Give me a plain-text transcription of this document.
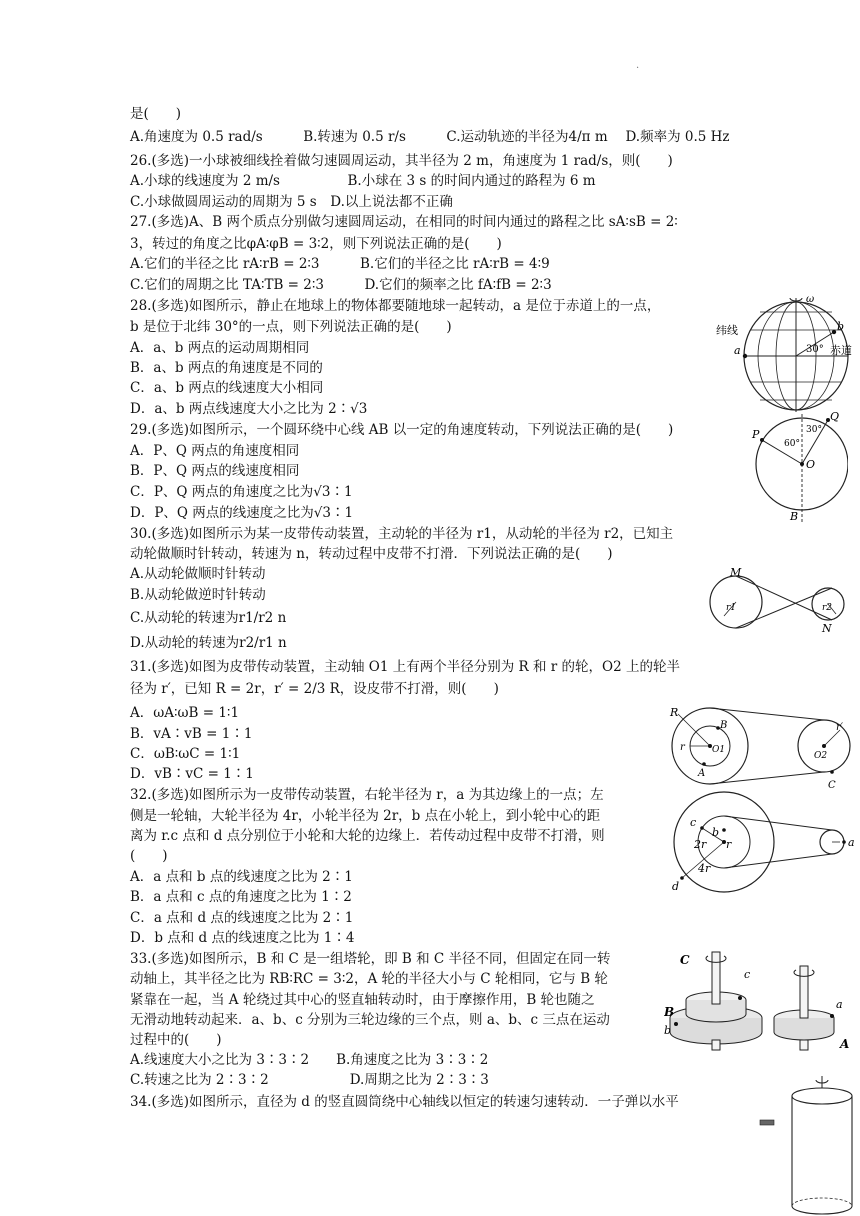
.
是(　　)
A.角速度为 0.5 rad/s　　　B.转速为 0.5 r/s　　　C.运动轨迹的半径为4/π m　 D.频率为 0.5 Hz
26.(多选)一小球被细线拴着做匀速圆周运动，其半径为 2 m，角速度为 1 rad/s，则(　　)
A.小球的线速度为 2 m/s　　　　　B.小球在 3 s 的时间内通过的路程为 6 m
C.小球做圆周运动的周期为 5 s　D.以上说法都不正确
27.(多选)A、B 两个质点分别做匀速圆周运动，在相同的时间内通过的路程之比 sA∶sB = 2∶
3，转过的角度之比φA∶φB = 3∶2，则下列说法正确的是(　　)
A.它们的半径之比 rA∶rB = 2∶3　　　B.它们的半径之比 rA∶rB = 4∶9
C.它们的周期之比 TA∶TB = 2∶3　　　D.它们的频率之比 fA∶fB = 2∶3
28.(多选)如图所示，静止在地球上的物体都要随地球一起转动，a 是位于赤道上的一点，
b 是位于北纬 30°的一点，则下列说法正确的是(　　)
A．a、b 两点的运动周期相同
B．a、b 两点的角速度是不同的
C．a、b 两点的线速度大小相同
D．a、b 两点线速度大小之比为 2∶√3
29.(多选)如图所示，一个圆环绕中心线 AB 以一定的角速度转动，下列说法正确的是(　　)
A．P、Q 两点的角速度相同
B．P、Q 两点的线速度相同
C．P、Q 两点的角速度之比为√3∶1
D．P、Q 两点的线速度之比为√3∶1
30.(多选)如图所示为某一皮带传动装置，主动轮的半径为 r1，从动轮的半径为 r2，已知主
动轮做顺时针转动，转速为 n，转动过程中皮带不打滑．下列说法正确的是(　　)
A.从动轮做顺时针转动
B.从动轮做逆时针转动
C.从动轮的转速为r1/r2 n
D.从动轮的转速为r2/r1 n
31.(多选)如图为皮带传动装置，主动轴 O1 上有两个半径分别为 R 和 r 的轮，O2 上的轮半
径为 r′，已知 R = 2r，r′ = 2/3 R，设皮带不打滑，则(　　)
A．ωA∶ωB = 1∶1
B．vA∶vB = 1∶1
C．ωB∶ωC = 1∶1
D．vB∶vC = 1∶1
32.(多选)如图所示为一皮带传动装置，右轮半径为 r，a 为其边缘上的一点；左
侧是一轮轴，大轮半径为 4r，小轮半径为 2r，b 点在小轮上，到小轮中心的距
离为 r.c 点和 d 点分别位于小轮和大轮的边缘上．若传动过程中皮带不打滑，则
(　　)
A．a 点和 b 点的线速度之比为 2∶1
B．a 点和 c 点的角速度之比为 1∶2
C．a 点和 d 点的线速度之比为 2∶1
D．b 点和 d 点的线速度之比为 1∶4
33.(多选)如图所示，B 和 C 是一组塔轮，即 B 和 C 半径不同，但固定在同一转
动轴上，其半径之比为 RB∶RC = 3∶2，A 轮的半径大小与 C 轮相同，它与 B 轮
紧靠在一起，当 A 轮绕过其中心的竖直轴转动时，由于摩擦作用，B 轮也随之
无滑动地转动起来．a、b、c 分别为三轮边缘的三个点，则 a、b、c 三点在运动
过程中的(　　)
A.线速度大小之比为 3∶3∶2　　B.角速度之比为 3∶3∶2
C.转速之比为 2∶3∶2　　　　　　D.周期之比为 2∶3∶3
34.(多选)如图所示，直径为 d 的竖直圆筒绕中心轴线以恒定的转速匀速转动．一子弹以水平
纬线
赤道
a
b
30°
ω
P
Q
O
B
60°
30°
M
N
r1	r2
R
B
r	O1
A
r′
O2
C
c
b
2r r
4r
d
a
C
c
a
B
b
A
